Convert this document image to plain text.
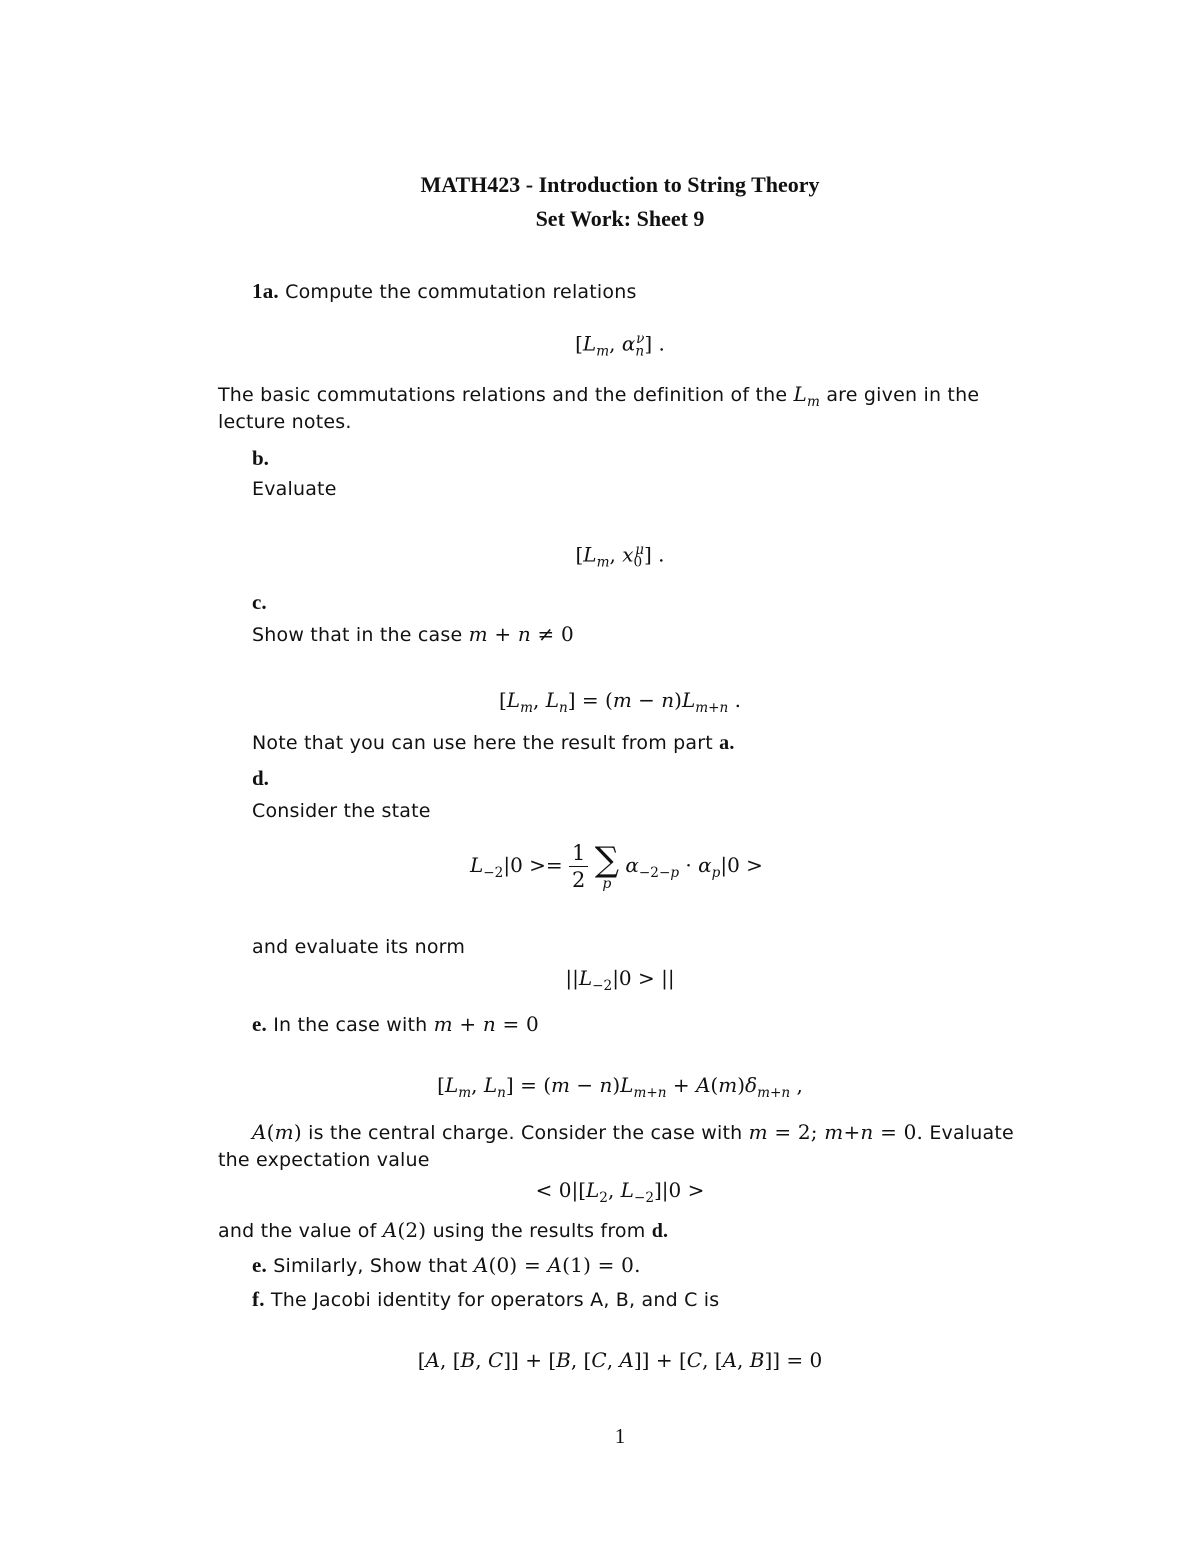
MATH423 - Introduction to String Theory
Set Work: Sheet 9
1a. Compute the commutation relations
[$L_m$, $\alpha_n^\nu$] .
The basic commutations relations and the definition of the $L_m$ are given in the
lecture notes.
b.
Evaluate
[$L_m$, $x_0^\mu$] .
c.
Show that in the case m + n ≠ 0
[$L_m$, $L_n] = (m - n)L_{m+n}$ .
Note that you can use here the result from part a.
d.
Consider the state
$L_{-2}|0 >= \frac{1}{2}$
∑
p
$\alpha_{-2-p} \cdot \alpha_p|0$ >
and evaluate its norm
$||L_{-2}|0$ > ||
e. In the case with m + n = 0
[$L_m$, $L_n] = (m - n)L_{m+n} + A(m)\delta_{m+n}$ ,
A(m) is the central charge. Consider the case with m = 2; m+n = 0. Evaluate
the expectation value
< $0|[L_2$, $L_{-2}]|0$ >
and the value of A(2) using the results from d.
e. Similarly, Show that A(0) = A(1) = 0.
f. The Jacobi identity for operators A, B, and C is
[A, [B, C]] + [B, [C, A]] + [C, [A, B]] = 0
1
